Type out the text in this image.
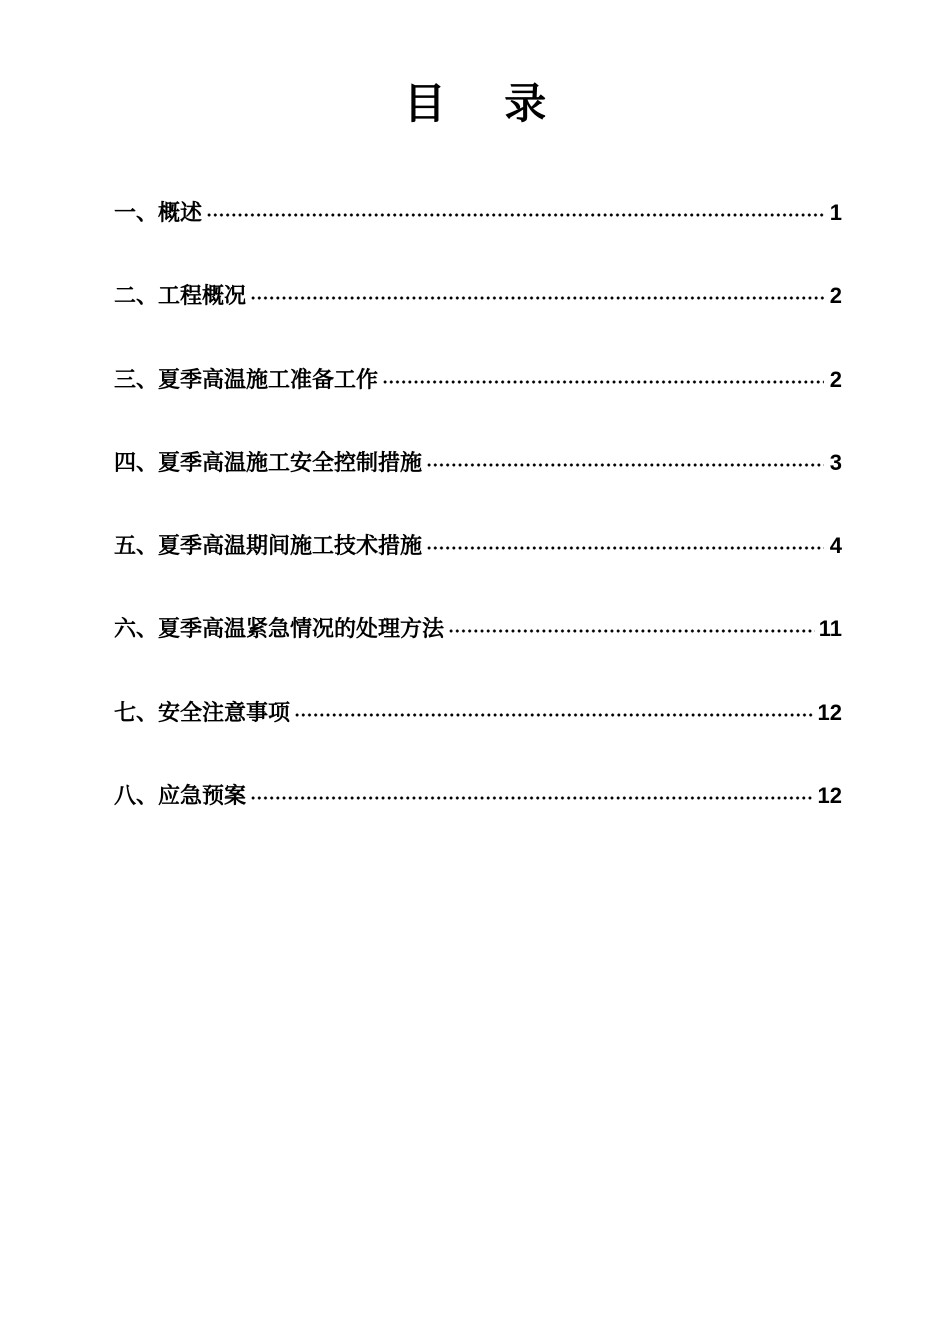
目 录
一、概述	1
二、工程概况	2
三、夏季高温施工准备工作	2
四、夏季高温施工安全控制措施	3
五、夏季高温期间施工技术措施	4
六、夏季高温紧急情况的处理方法	11
七、安全注意事项	12
八、应急预案	12
